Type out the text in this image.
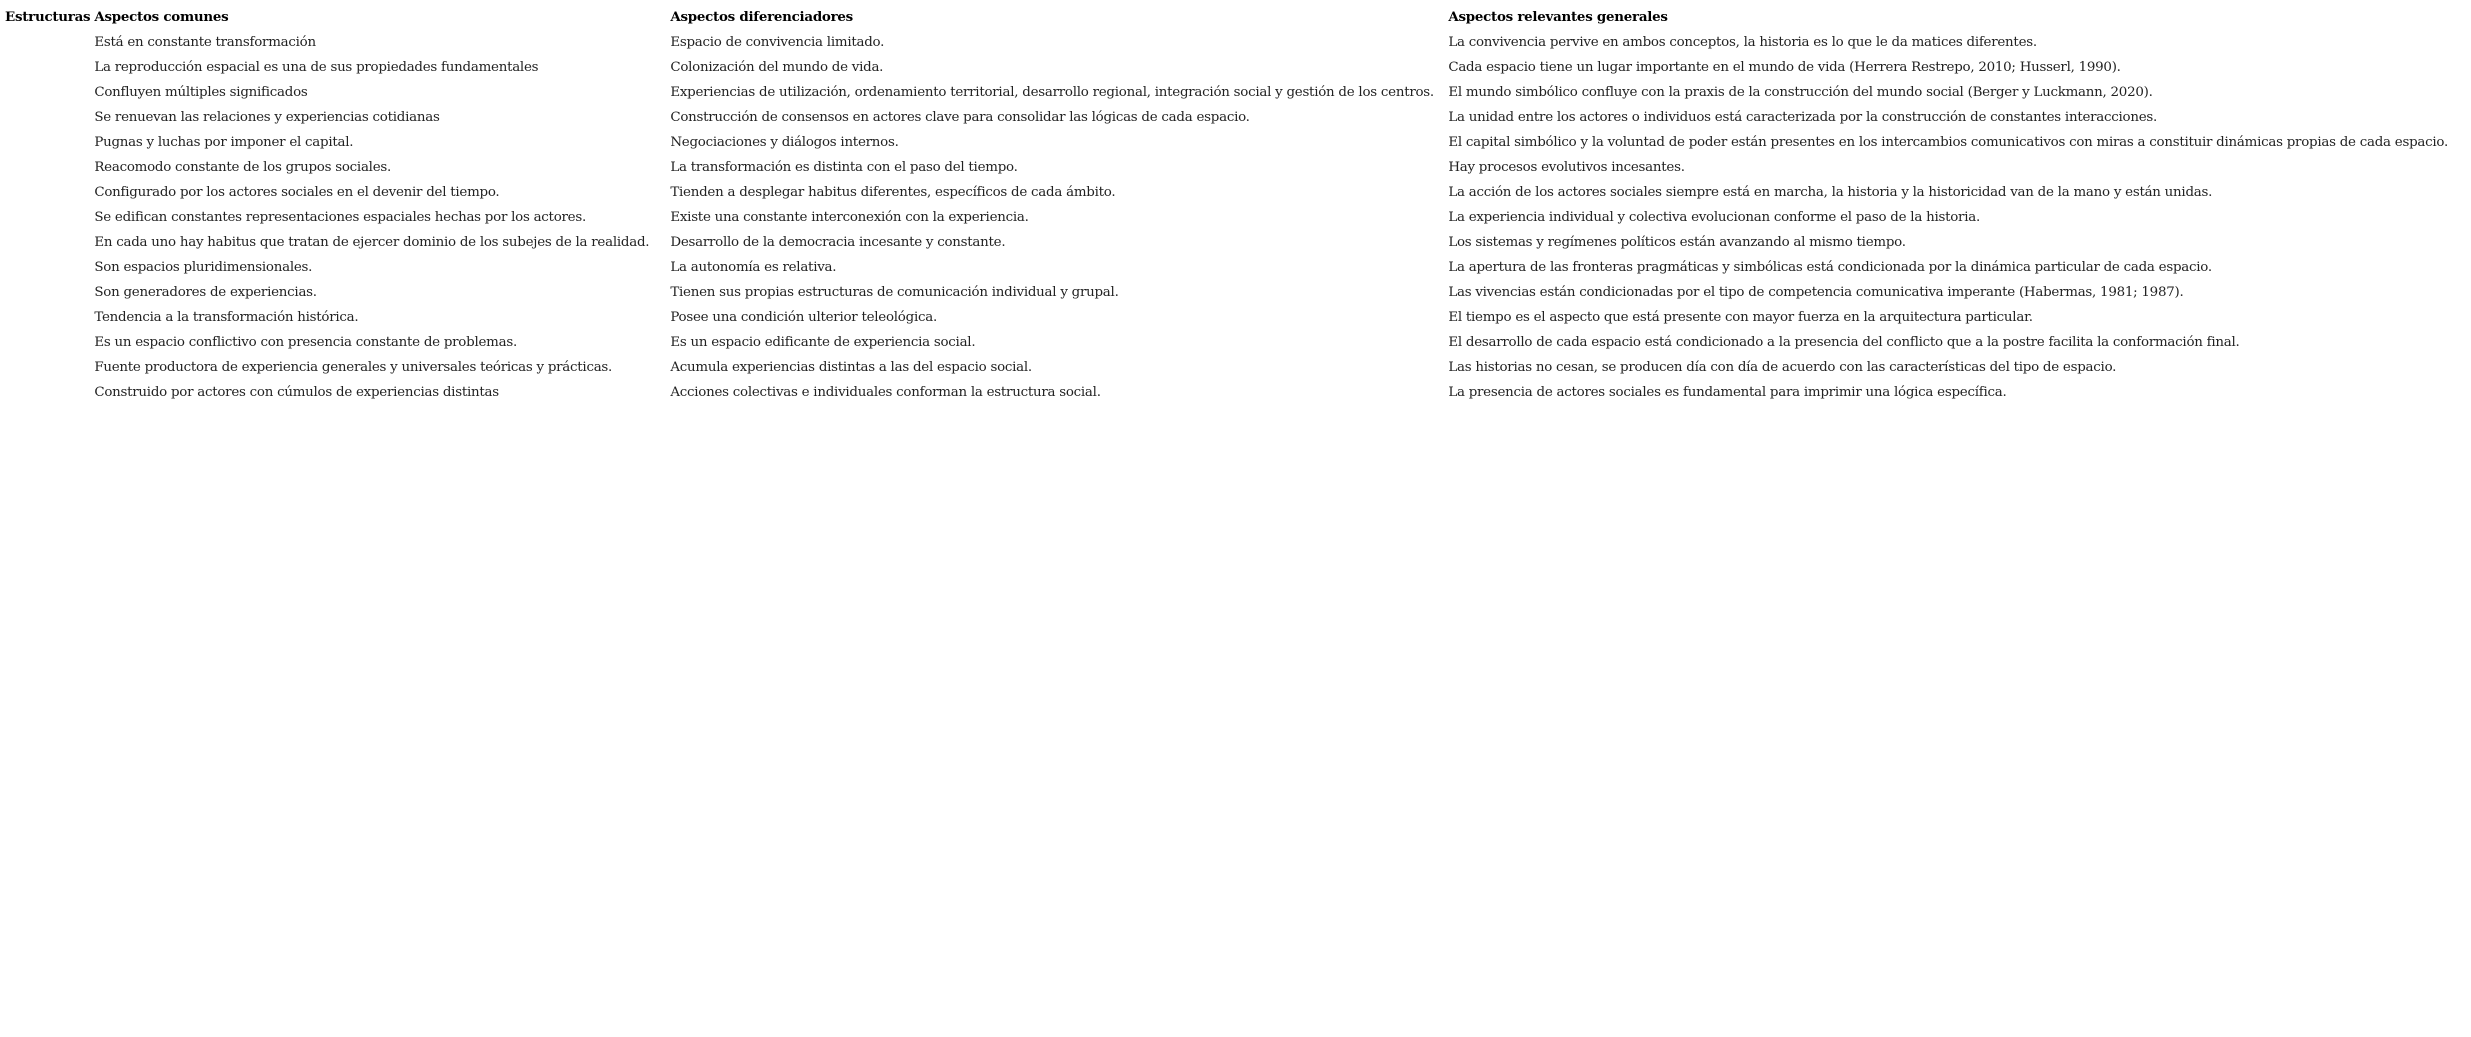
Estructuras	Aspectos comunes	Aspectos diferenciadores	Aspectos relevantes generales
	Está en constante transformación	Espacio de convivencia limitado.	La convivencia pervive en ambos conceptos, la historia es lo que le da matices diferentes.
	La reproducción espacial es una de sus propiedades fundamentales	Colonización del mundo de vida.	Cada espacio tiene un lugar importante en el mundo de vida (Herrera Restrepo, 2010; Husserl, 1990).
	Confluyen múltiples significados	Experiencias de utilización, ordenamiento territorial, desarrollo regional, integración social y gestión de los centros.	El mundo simbólico confluye con la praxis de la construcción del mundo social (Berger y Luckmann, 2020).
	Se renuevan las relaciones y experiencias cotidianas	Construcción de consensos en actores clave para consolidar las lógicas de cada espacio.	La unidad entre los actores o individuos está caracterizada por la construcción de constantes interacciones.
	Pugnas y luchas por imponer el capital.	Negociaciones y diálogos internos.	El capital simbólico y la voluntad de poder están presentes en los intercambios comunicativos con miras a constituir dinámicas propias de cada espacio.
	Reacomodo constante de los grupos sociales.	La transformación es distinta con el paso del tiempo.	Hay procesos evolutivos incesantes.
	Configurado por los actores sociales en el devenir del tiempo.	Tienden a desplegar habitus diferentes, específicos de cada ámbito.	La acción de los actores sociales siempre está en marcha, la historia y la historicidad van de la mano y están unidas.
	Se edifican constantes representaciones espaciales hechas por los actores.	Existe una constante interconexión con la experiencia.	La experiencia individual y colectiva evolucionan conforme el paso de la historia.
	En cada uno hay habitus que tratan de ejercer dominio de los subejes de la realidad.	Desarrollo de la democracia incesante y constante.	Los sistemas y regímenes políticos están avanzando al mismo tiempo.
	Son espacios pluridimensionales.	La autonomía es relativa.	La apertura de las fronteras pragmáticas y simbólicas está condicionada por la dinámica particular de cada espacio.
	Son generadores de experiencias.	Tienen sus propias estructuras de comunicación individual y grupal.	Las vivencias están condicionadas por el tipo de competencia comunicativa imperante (Habermas, 1981; 1987).
	Tendencia a la transformación histórica.	Posee una condición ulterior teleológica.	El tiempo es el aspecto que está presente con mayor fuerza en la arquitectura particular.
	Es un espacio conflictivo con presencia constante de problemas.	Es un espacio edificante de experiencia social.	El desarrollo de cada espacio está condicionado a la presencia del conflicto que a la postre facilita la conformación final.
	Fuente productora de experiencia generales y universales teóricas y prácticas.	Acumula experiencias distintas a las del espacio social.	Las historias no cesan, se producen día con día de acuerdo con las características del tipo de espacio.
	Construido por actores con cúmulos de experiencias distintas	Acciones colectivas e individuales conforman la estructura social.	La presencia de actores sociales es fundamental para imprimir una lógica específica.
